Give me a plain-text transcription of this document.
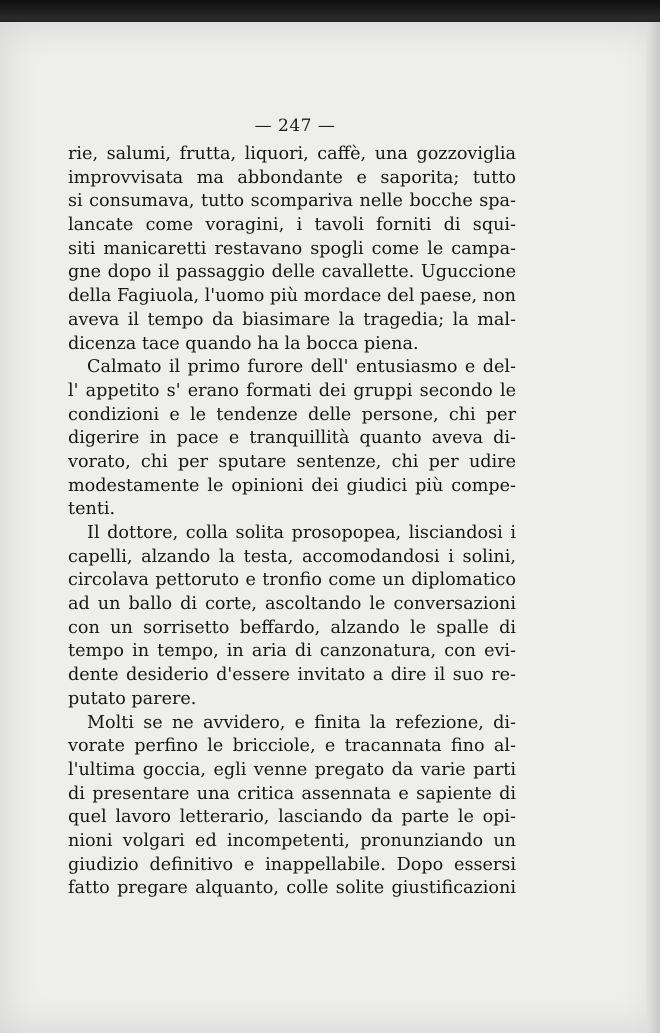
— 247 —
rie, salumi, frutta, liquori, caffè, una gozzoviglia
improvvisata ma abbondante e saporita; tutto
si consumava, tutto scompariva nelle bocche spa-
lancate come voragini, i tavoli forniti di squi-
siti manicaretti restavano spogli come le campa-
gne dopo il passaggio delle cavallette. Uguccione
della Fagiuola, l'uomo più mordace del paese, non
aveva il tempo da biasimare la tragedia; la mal-
dicenza tace quando ha la bocca piena.
Calmato il primo furore dell' entusiasmo e del-
l' appetito s' erano formati dei gruppi secondo le
condizioni e le tendenze delle persone, chi per
digerire in pace e tranquillità quanto aveva di-
vorato, chi per sputare sentenze, chi per udire
modestamente le opinioni dei giudici più compe-
tenti.
Il dottore, colla solita prosopopea, lisciandosi i
capelli, alzando la testa, accomodandosi i solini,
circolava pettoruto e tronfio come un diplomatico
ad un ballo di corte, ascoltando le conversazioni
con un sorrisetto beffardo, alzando le spalle di
tempo in tempo, in aria di canzonatura, con evi-
dente desiderio d'essere invitato a dire il suo re-
putato parere.
Molti se ne avvidero, e finita la refezione, di-
vorate perfino le bricciole, e tracannata fino al-
l'ultima goccia, egli venne pregato da varie parti
di presentare una critica assennata e sapiente di
quel lavoro letterario, lasciando da parte le opi-
nioni volgari ed incompetenti, pronunziando un
giudizio definitivo e inappellabile. Dopo essersi
fatto pregare alquanto, colle solite giustificazioni
